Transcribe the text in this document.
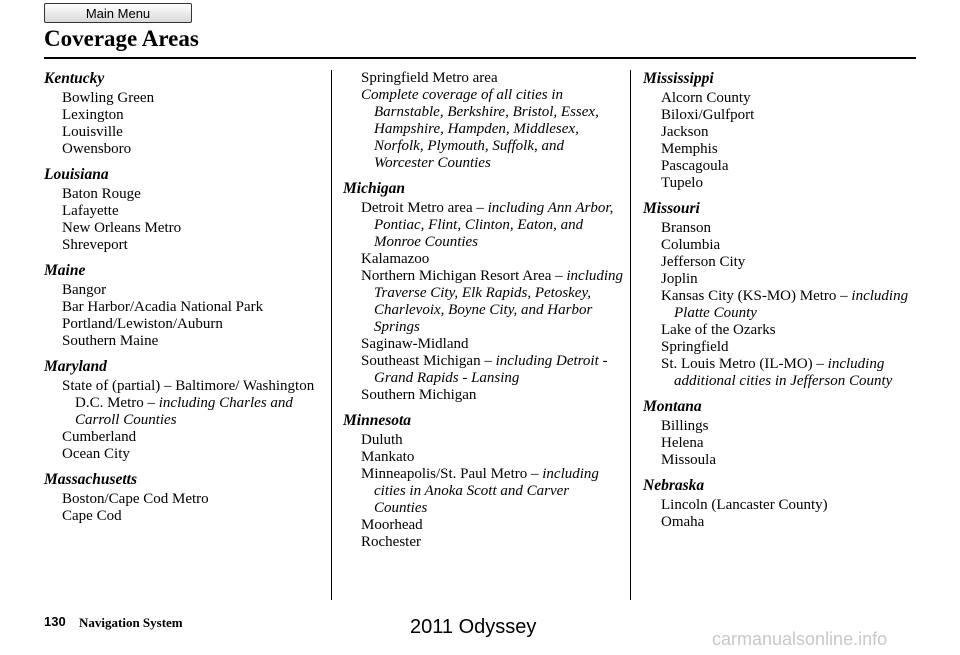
Main Menu
Coverage Areas
Kentucky
Bowling Green
Lexington
Louisville
Owensboro
Louisiana
Baton Rouge
Lafayette
New Orleans Metro
Shreveport
Maine
Bangor
Bar Harbor/Acadia National Park
Portland/Lewiston/Auburn
Southern Maine
Maryland
State of (partial) – Baltimore/ Washington D.C. Metro – including Charles and Carroll Counties
Cumberland
Ocean City
Massachusetts
Boston/Cape Cod Metro
Cape Cod
Springfield Metro area
Complete coverage of all cities in Barnstable, Berkshire, Bristol, Essex, Hampshire, Hampden, Middlesex, Norfolk, Plymouth, Suffolk, and Worcester Counties
Michigan
Detroit Metro area – including Ann Arbor, Pontiac, Flint, Clinton, Eaton, and Monroe Counties
Kalamazoo
Northern Michigan Resort Area – including Traverse City, Elk Rapids, Petoskey, Charlevoix, Boyne City, and Harbor Springs
Saginaw-Midland
Southeast Michigan – including Detroit - Grand Rapids - Lansing
Southern Michigan
Minnesota
Duluth
Mankato
Minneapolis/St. Paul Metro – including cities in Anoka Scott and Carver Counties
Moorhead
Rochester
Mississippi
Alcorn County
Biloxi/Gulfport
Jackson
Memphis
Pascagoula
Tupelo
Missouri
Branson
Columbia
Jefferson City
Joplin
Kansas City (KS-MO) Metro – including Platte County
Lake of the Ozarks
Springfield
St. Louis Metro (IL-MO) – including additional cities in Jefferson County
Montana
Billings
Helena
Missoula
Nebraska
Lincoln (Lancaster County)
Omaha
130 Navigation System	2011 Odyssey
carmanualsonline.info
